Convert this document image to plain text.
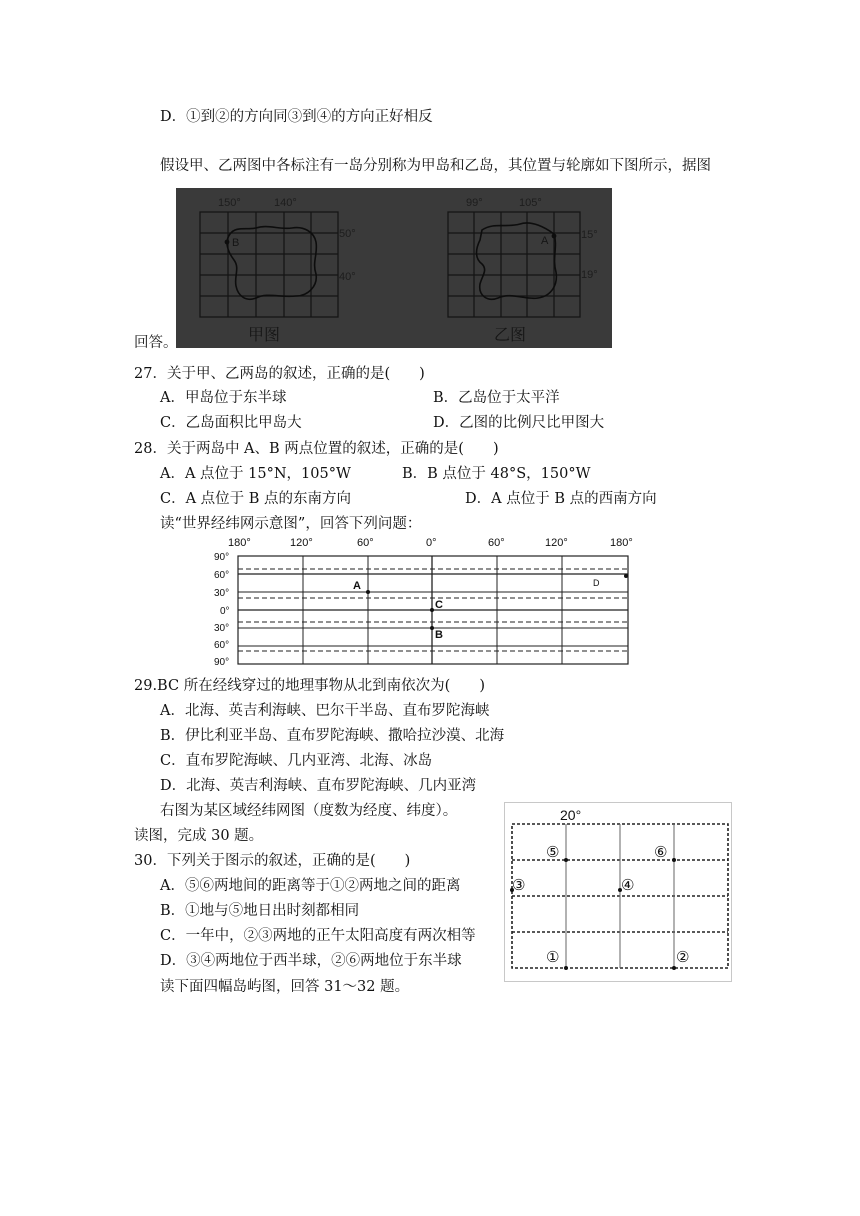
D．①到②的方向同③到④的方向正好相反
假设甲、乙两图中各标注有一岛分别称为甲岛和乙岛，其位置与轮廓如下图所示，据图
B
150°	140°
50°
40°
甲图
A
99°	105°
15°
19°
乙图
回答。
27．关于甲、乙两岛的叙述，正确的是(　　)
A．甲岛位于东半球	B．乙岛位于太平洋
C．乙岛面积比甲岛大	D．乙图的比例尺比甲图大
28．关于两岛中 A、B 两点位置的叙述，正确的是(　　)
A．A 点位于 15°N，105°W	B．B 点位于 48°S，150°W
C．A 点位于 B 点的东南方向	D．A 点位于 B 点的西南方向
读“世界经纬网示意图”，回答下列问题：
180°	120°	60°	0°	60°	120°	180°
90°
60°
30°
0°
30°
60°
90°
A
C
B
D
29.BC 所在经线穿过的地理事物从北到南依次为(　　)
A．北海、英吉利海峡、巴尔干半岛、直布罗陀海峡
B．伊比利亚半岛、直布罗陀海峡、撒哈拉沙漠、北海
C．直布罗陀海峡、几内亚湾、北海、冰岛
D．北海、英吉利海峡、直布罗陀海峡、几内亚湾
右图为某区域经纬网图（度数为经度、纬度）。
读图，完成 30 题。
20°
⑤	⑥
③	④
①	②
30．下列关于图示的叙述，正确的是(　　)
A．⑤⑥两地间的距离等于①②两地之间的距离
B．①地与⑤地日出时刻都相同
C．一年中，②③两地的正午太阳高度有两次相等
D．③④两地位于西半球，②⑥两地位于东半球
读下面四幅岛屿图，回答 31～32 题。
